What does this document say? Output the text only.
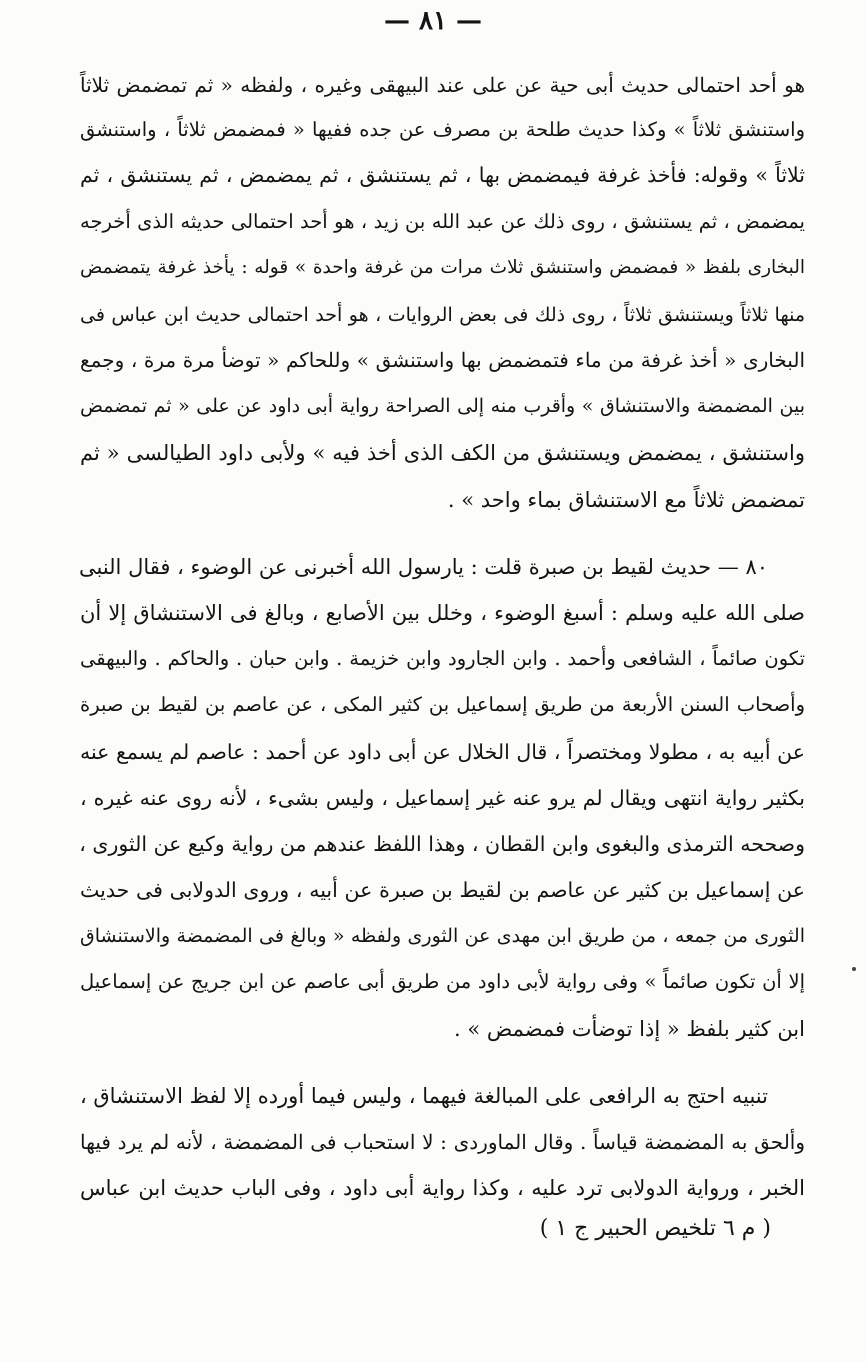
— ٨١ —
هو أحد احتمالى حديث أبى حية عن على عند البيهقى وغيره ، ولفظه « ثم تمضمض ثلاثاً
واستنشق ثلاثاً » وكذا حديث طلحة بن مصرف عن جده ففيها « فمضمض ثلاثاً ، واستنشق
ثلاثاً » وقوله: فأخذ غرفة فيمضمض بها ، ثم يستنشق ، ثم يمضمض ، ثم يستنشق ، ثم
يمضمض ، ثم يستنشق ، روى ذلك عن عبد الله بن زيد ، هو أحد احتمالى حديثه الذى أخرجه
البخارى بلفظ « فمضمض واستنشق ثلاث مرات من غرفة واحدة » قوله : يأخذ غرفة يتمضمض
منها ثلاثاً ويستنشق ثلاثاً ، روى ذلك فى بعض الروايات ، هو أحد احتمالى حديث ابن عباس فى
البخارى « أخذ غرفة من ماء فتمضمض بها واستنشق » وللحاكم « توضأ مرة مرة ، وجمع
بين المضمضة والاستنشاق » وأقرب منه إلى الصراحة رواية أبى داود عن على « ثم تمضمض
واستنشق ، يمضمض ويستنشق من الكف الذى أخذ فيه » ولأبى داود الطيالسى « ثم
تمضمض ثلاثاً مع الاستنشاق بماء واحد » .
٨٠ — حديث لقيط بن صبرة قلت : يارسول الله أخبرنى عن الوضوء ، فقال النبى
صلى الله عليه وسلم : أسبغ الوضوء ، وخلل بين الأصابع ، وبالغ فى الاستنشاق إلا أن
تكون صائماً ، الشافعى وأحمد . وابن الجارود وابن خزيمة . وابن حبان . والحاكم . والبيهقى
وأصحاب السنن الأربعة من طريق إسماعيل بن كثير المكى ، عن عاصم بن لقيط بن صبرة
عن أبيه به ، مطولا ومختصراً ، قال الخلال عن أبى داود عن أحمد : عاصم لم يسمع عنه
بكثير رواية انتهى ويقال لم يرو عنه غير إسماعيل ، وليس بشىء ، لأنه روى عنه غيره ،
وصححه الترمذى والبغوى وابن القطان ، وهذا اللفظ عندهم من رواية وكيع عن الثورى ،
عن إسماعيل بن كثير عن عاصم بن لقيط بن صبرة عن أبيه ، وروى الدولابى فى حديث
الثورى من جمعه ، من طريق ابن مهدى عن الثورى ولفظه « وبالغ فى المضمضة والاستنشاق
إلا أن تكون صائماً » وفى رواية لأبى داود من طريق أبى عاصم عن ابن جريج عن إسماعيل
ابن كثير بلفظ « إذا توضأت فمضمض » .
تنبيه احتج به الرافعى على المبالغة فيهما ، وليس فيما أورده إلا لفظ الاستنشاق ،
وألحق به المضمضة قياساً . وقال الماوردى : لا استحباب فى المضمضة ، لأنه لم يرد فيها
الخبر ، ورواية الدولابى ترد عليه ، وكذا رواية أبى داود ، وفى الباب حديث ابن عباس
( م ٦ تلخيص الحبير ج ١ )
